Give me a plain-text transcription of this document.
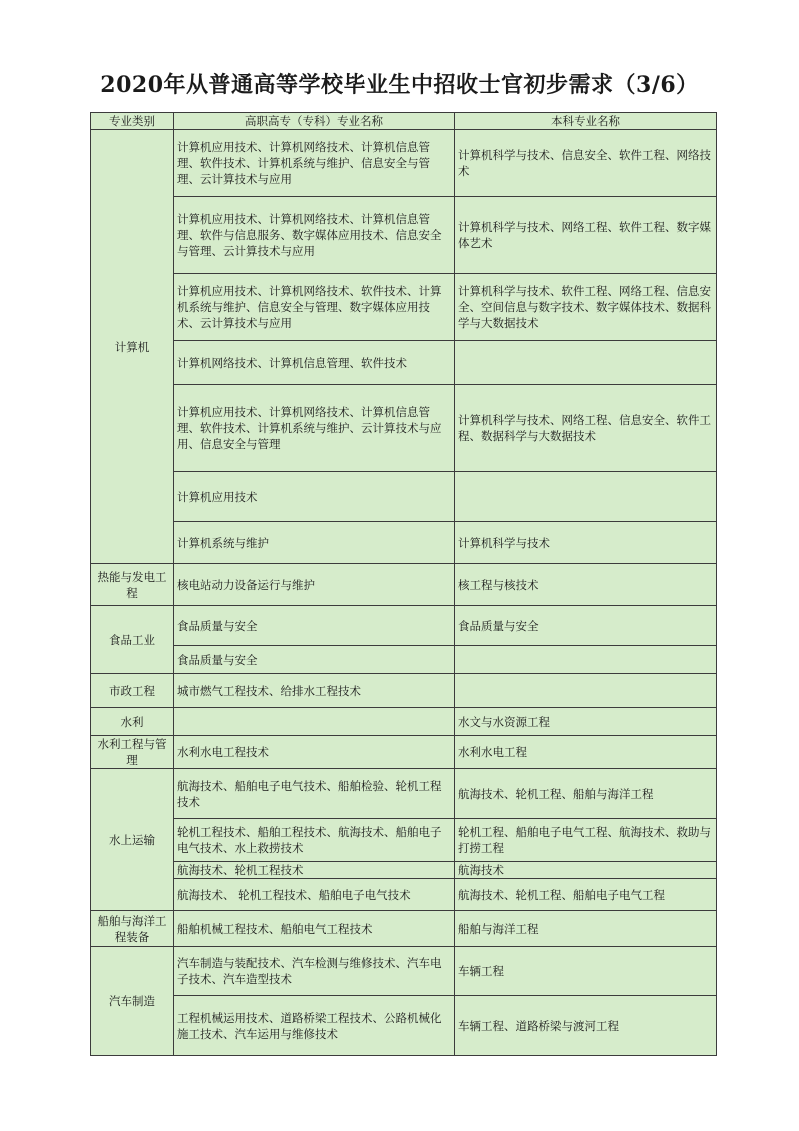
2020年从普通高等学校毕业生中招收士官初步需求（3/6）
专业类别	高职高专（专科）专业名称	本科专业名称
计算机	计算机应用技术、计算机网络技术、计算机信息管理、软件技术、计算机系统与维护、信息安全与管理、云计算技术与应用	计算机科学与技术、信息安全、软件工程、网络技术
	计算机应用技术、计算机网络技术、计算机信息管理、软件与信息服务、数字媒体应用技术、信息安全与管理、云计算技术与应用	计算机科学与技术、网络工程、软件工程、数字媒体艺术
	计算机应用技术、计算机网络技术、软件技术、计算机系统与维护、信息安全与管理、数字媒体应用技术、云计算技术与应用	计算机科学与技术、软件工程、网络工程、信息安全、空间信息与数字技术、数字媒体技术、数据科学与大数据技术
	计算机网络技术、计算机信息管理、软件技术	
	计算机应用技术、计算机网络技术、计算机信息管理、软件技术、计算机系统与维护、云计算技术与应用、信息安全与管理	计算机科学与技术、网络工程、信息安全、软件工程、数据科学与大数据技术
	计算机应用技术	
	计算机系统与维护	计算机科学与技术
热能与发电工程	核电站动力设备运行与维护	核工程与核技术
食品工业	食品质量与安全	食品质量与安全
	食品质量与安全	
市政工程	城市燃气工程技术、给排水工程技术	
水利		水文与水资源工程
水利工程与管理	水利水电工程技术	水利水电工程
水上运输	航海技术、船舶电子电气技术、船舶检验、轮机工程技术	航海技术、轮机工程、船舶与海洋工程
	轮机工程技术、船舶工程技术、航海技术、船舶电子电气技术、水上救捞技术	轮机工程、船舶电子电气工程、航海技术、救助与打捞工程
	航海技术、轮机工程技术	航海技术
	航海技术、 轮机工程技术、船舶电子电气技术	航海技术、轮机工程、船舶电子电气工程
船舶与海洋工程装备	船舶机械工程技术、船舶电气工程技术	船舶与海洋工程
汽车制造	汽车制造与装配技术、汽车检测与维修技术、汽车电子技术、汽车造型技术	车辆工程
	工程机械运用技术、道路桥梁工程技术、公路机械化施工技术、汽车运用与维修技术	车辆工程、道路桥梁与渡河工程
